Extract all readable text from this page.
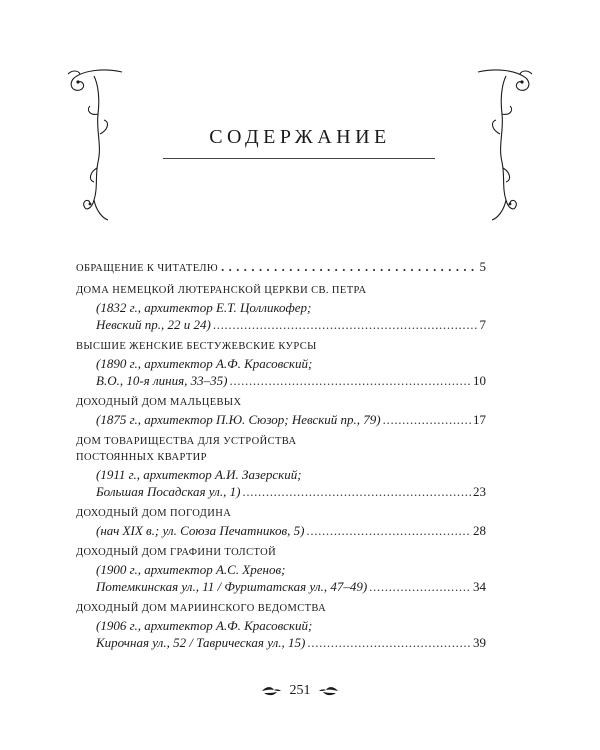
СОДЕРЖАНИЕ
ОБРАЩЕНИЕ К ЧИТАТЕЛЮ . . .	5
ДОМА НЕМЕЦКОЙ ЛЮТЕРАНСКОЙ ЦЕРКВИ СВ. ПЕТРА
(1832 г., архитектор Е.Т. Цолликофер;
Невский пр., 22 и 24) . . .	7
ВЫСШИЕ ЖЕНСКИЕ БЕСТУЖЕВСКИЕ КУРСЫ
(1890 г., архитектор А.Ф. Красовский;
В.О., 10-я линия, 33–35) . . .	10
ДОХОДНЫЙ ДОМ МАЛЬЦЕВЫХ
(1875 г., архитектор П.Ю. Сюзор; Невский пр., 79) . . .	17
ДОМ ТОВАРИЩЕСТВА ДЛЯ УСТРОЙСТВА
ПОСТОЯННЫХ КВАРТИР
(1911 г., архитектор А.И. Зазерский;
Большая Посадская ул., 1) . . .	23
ДОХОДНЫЙ ДОМ ПОГОДИНА
(нач XIX в.; ул. Союза Печатников, 5) . . .	28
ДОХОДНЫЙ ДОМ ГРАФИНИ ТОЛСТОЙ
(1900 г., архитектор А.С. Хренов;
Потемкинская ул., 11 / Фурштатская ул., 47–49) . . .	34
ДОХОДНЫЙ ДОМ МАРИИНСКОГО ВЕДОМСТВА
(1906 г., архитектор А.Ф. Красовский;
Кирочная ул., 52 / Таврическая ул., 15) . . .	39
251
